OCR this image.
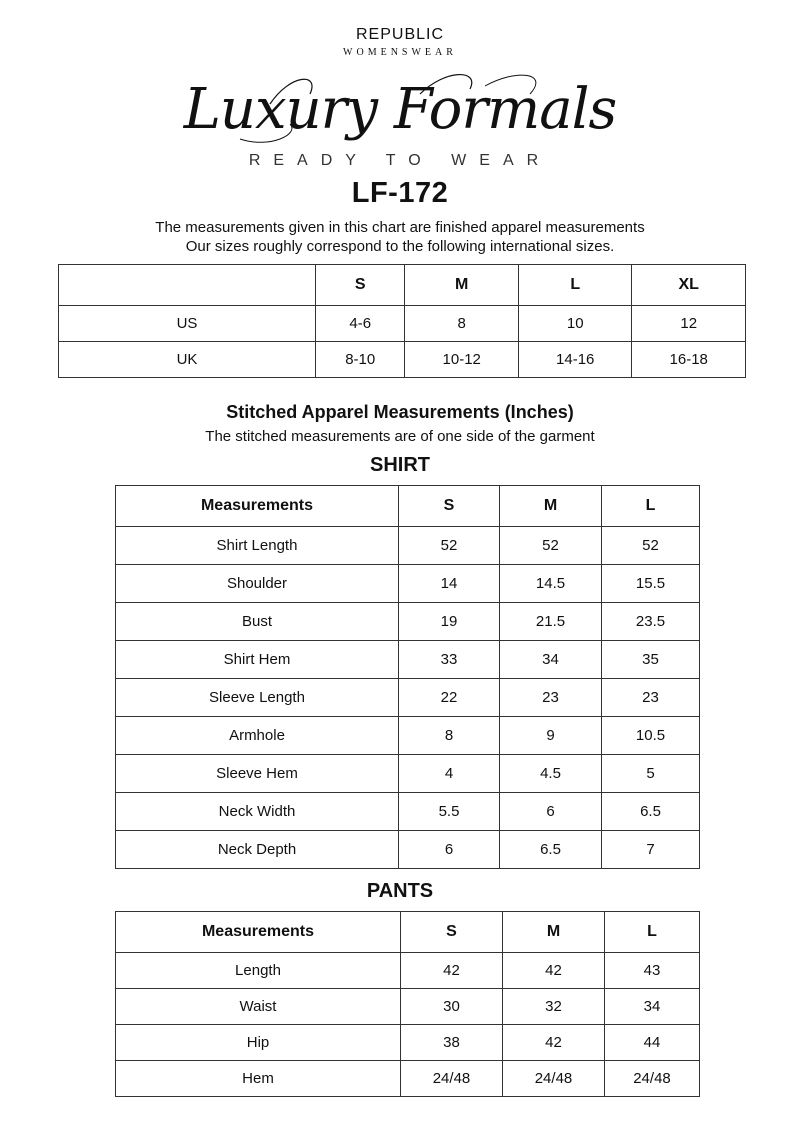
REPUBLIC
WOMENSWEAR
Luxury Formals
READY TO WEAR
LF-172
The measurements given in this chart are finished apparel measurements
Our sizes roughly correspond to the following international sizes.
	S	M	L	XL
US	4-6	8	10	12
UK	8-10	10-12	14-16	16-18
Stitched Apparel Measurements (Inches)
The stitched measurements are of one side of the garment
SHIRT
Measurements	S	M	L
Shirt Length	52	52	52
Shoulder	14	14.5	15.5
Bust	19	21.5	23.5
Shirt Hem	33	34	35
Sleeve Length	22	23	23
Armhole	8	9	10.5
Sleeve Hem	4	4.5	5
Neck Width	5.5	6	6.5
Neck Depth	6	6.5	7
PANTS
Measurements	S	M	L
Length	42	42	43
Waist	30	32	34
Hip	38	42	44
Hem	24/48	24/48	24/48
